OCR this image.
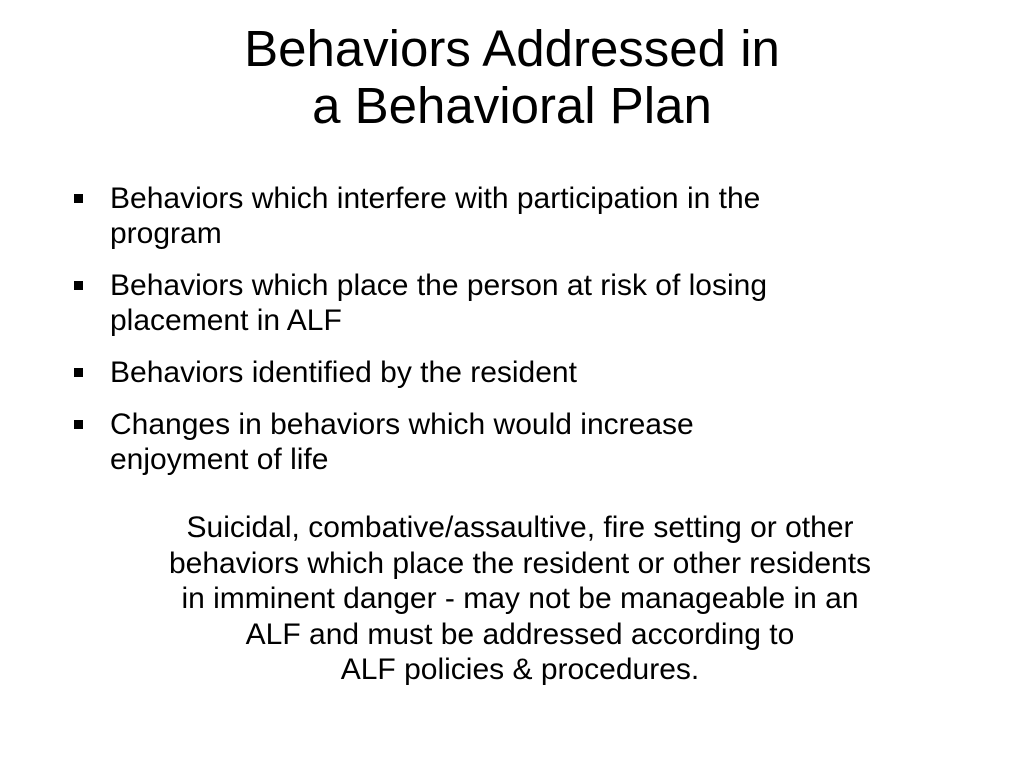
Behaviors Addressed in
a Behavioral Plan
Behaviors which interfere with participation in the
program
Behaviors which place the person at risk of losing
placement in ALF
Behaviors identified by the resident
Changes in behaviors which would increase
enjoyment of life

Suicidal, combative/assaultive, fire setting or other
behaviors which place the resident or other residents
in imminent danger - may not be manageable in an
ALF and must be addressed according to
ALF policies & procedures.
